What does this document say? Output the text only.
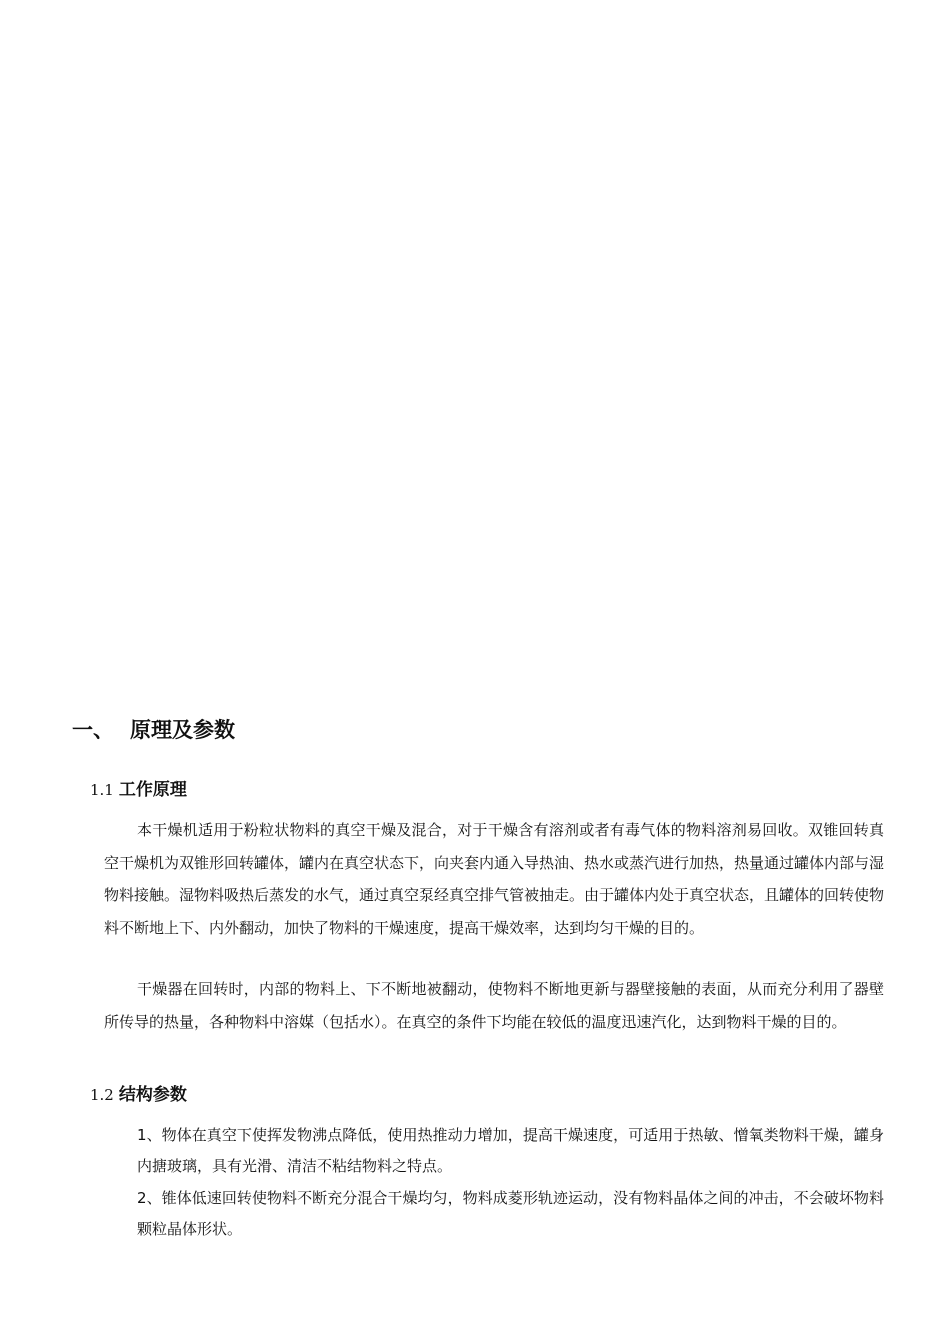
一、 原理及参数
1.1 工作原理

本干燥机适用于粉粒状物料的真空干燥及混合，对于干燥含有溶剂或者有毒气体的物料溶剂易回收。双锥回转真空干燥机为双锥形回转罐体，罐内在真空状态下，向夹套内通入导热油、热水或蒸汽进行加热，热量通过罐体内部与湿物料接触。湿物料吸热后蒸发的水气，通过真空泵经真空排气管被抽走。由于罐体内处于真空状态，且罐体的回转使物料不断地上下、内外翻动，加快了物料的干燥速度，提高干燥效率，达到均匀干燥的目的。

干燥器在回转时，内部的物料上、下不断地被翻动，使物料不断地更新与器壁接触的表面，从而充分利用了器壁所传导的热量，各种物料中溶媒（包括水）。在真空的条件下均能在较低的温度迅速汽化，达到物料干燥的目的。

1.2 结构参数

1、物体在真空下使挥发物沸点降低，使用热推动力增加，提高干燥速度，可适用于热敏、憎氧类物料干燥，罐身内搪玻璃，具有光滑、清洁不粘结物料之特点。

2、锥体低速回转使物料不断充分混合干燥均匀，物料成菱形轨迹运动，没有物料晶体之间的冲击，不会破坏物料颗粒晶体形状。
